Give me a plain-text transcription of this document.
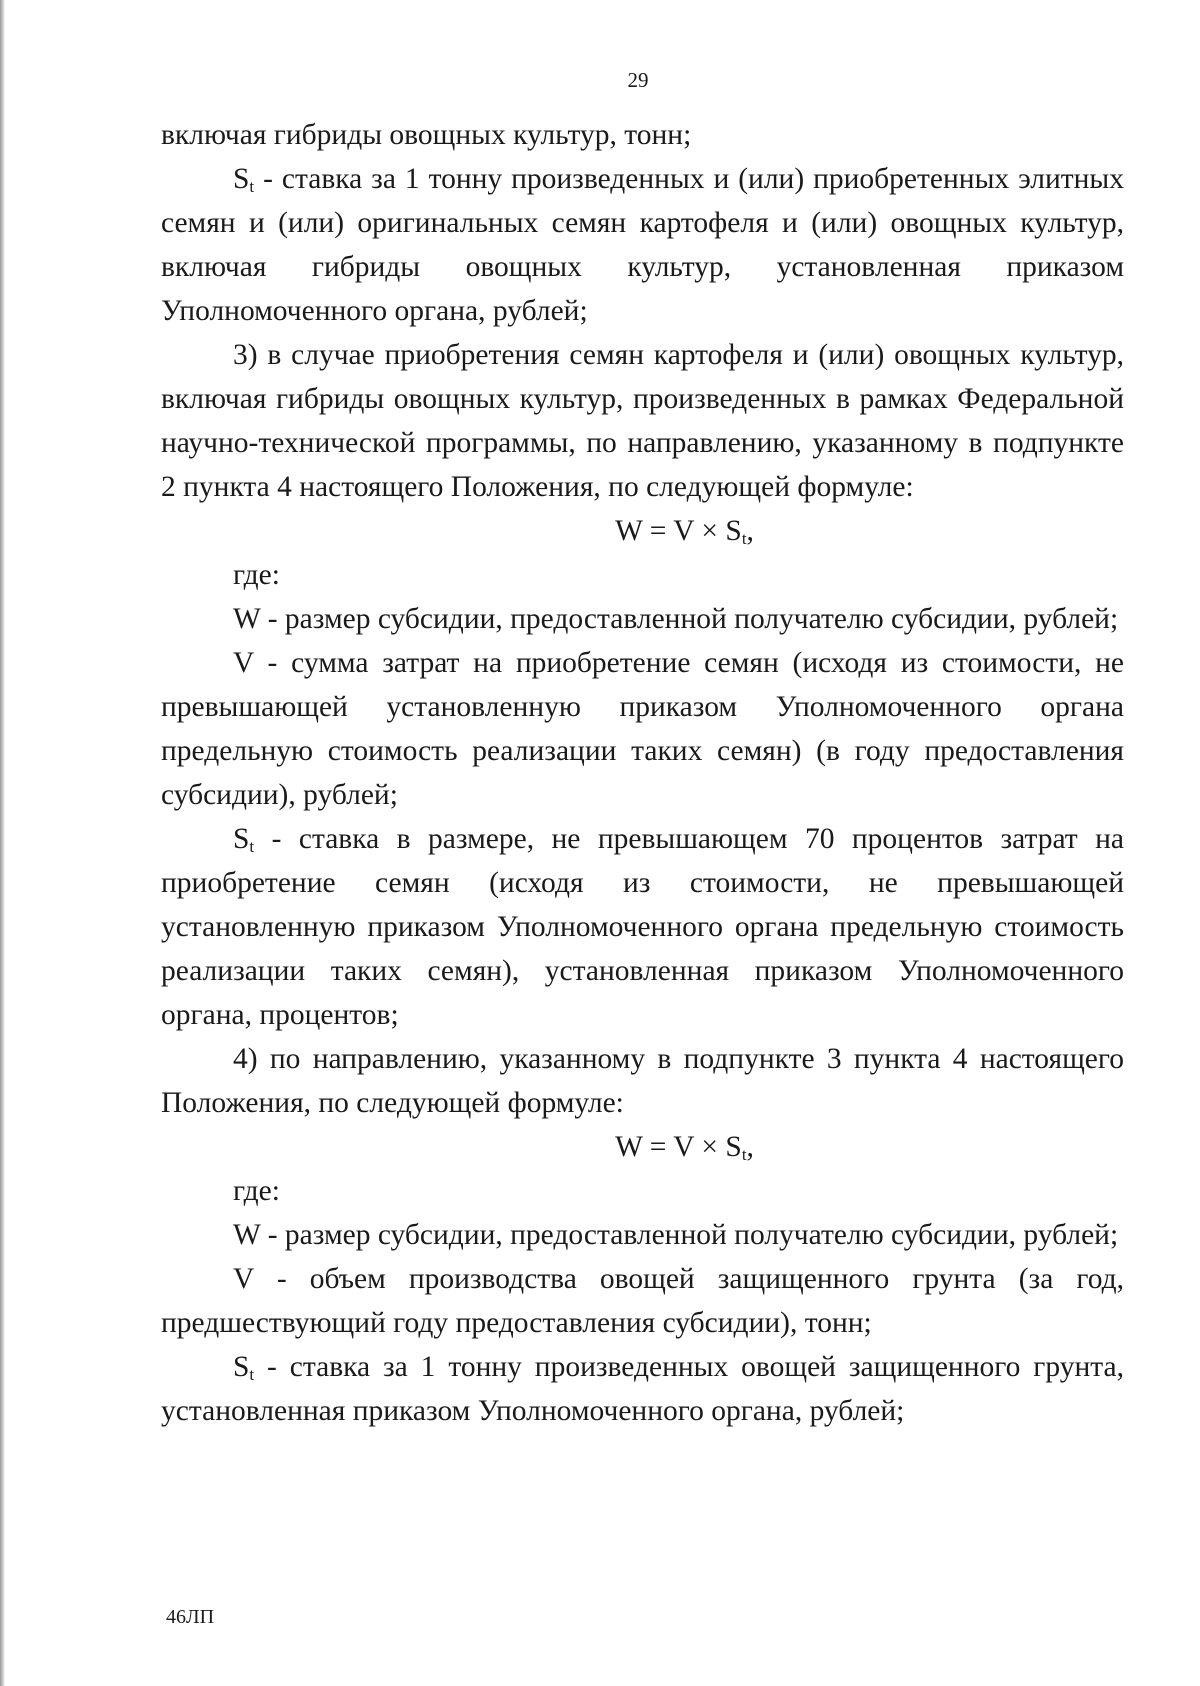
29

включая гибриды овощных культур, тонн;

$S_t$ - ставка за 1 тонну произведенных и (или) приобретенных элитных семян и (или) оригинальных семян картофеля и (или) овощных культур, включая гибриды овощных культур, установленная приказом Уполномоченного органа, рублей;

3) в случае приобретения семян картофеля и (или) овощных культур, включая гибриды овощных культур, произведенных в рамках Федеральной научно-технической программы, по направлению, указанному в подпункте 2 пункта 4 настоящего Положения, по следующей формуле:

$W = V \times S_t$,

где:

W - размер субсидии, предоставленной получателю субсидии, рублей;

V - сумма затрат на приобретение семян (исходя из стоимости, не превышающей установленную приказом Уполномоченного органа предельную стоимость реализации таких семян) (в году предоставления субсидии), рублей;

$S_t$ - ставка в размере, не превышающем 70 процентов затрат на приобретение семян (исходя из стоимости, не превышающей установленную приказом Уполномоченного органа предельную стоимость реализации таких семян), установленная приказом Уполномоченного органа, процентов;

4) по направлению, указанному в подпункте 3 пункта 4 настоящего Положения, по следующей формуле:

$W = V \times S_t$,

где:

W - размер субсидии, предоставленной получателю субсидии, рублей;

V - объем производства овощей защищенного грунта (за год, предшествующий году предоставления субсидии), тонн;

$S_t$ - ставка за 1 тонну произведенных овощей защищенного грунта, установленная приказом Уполномоченного органа, рублей;

46ЛП
